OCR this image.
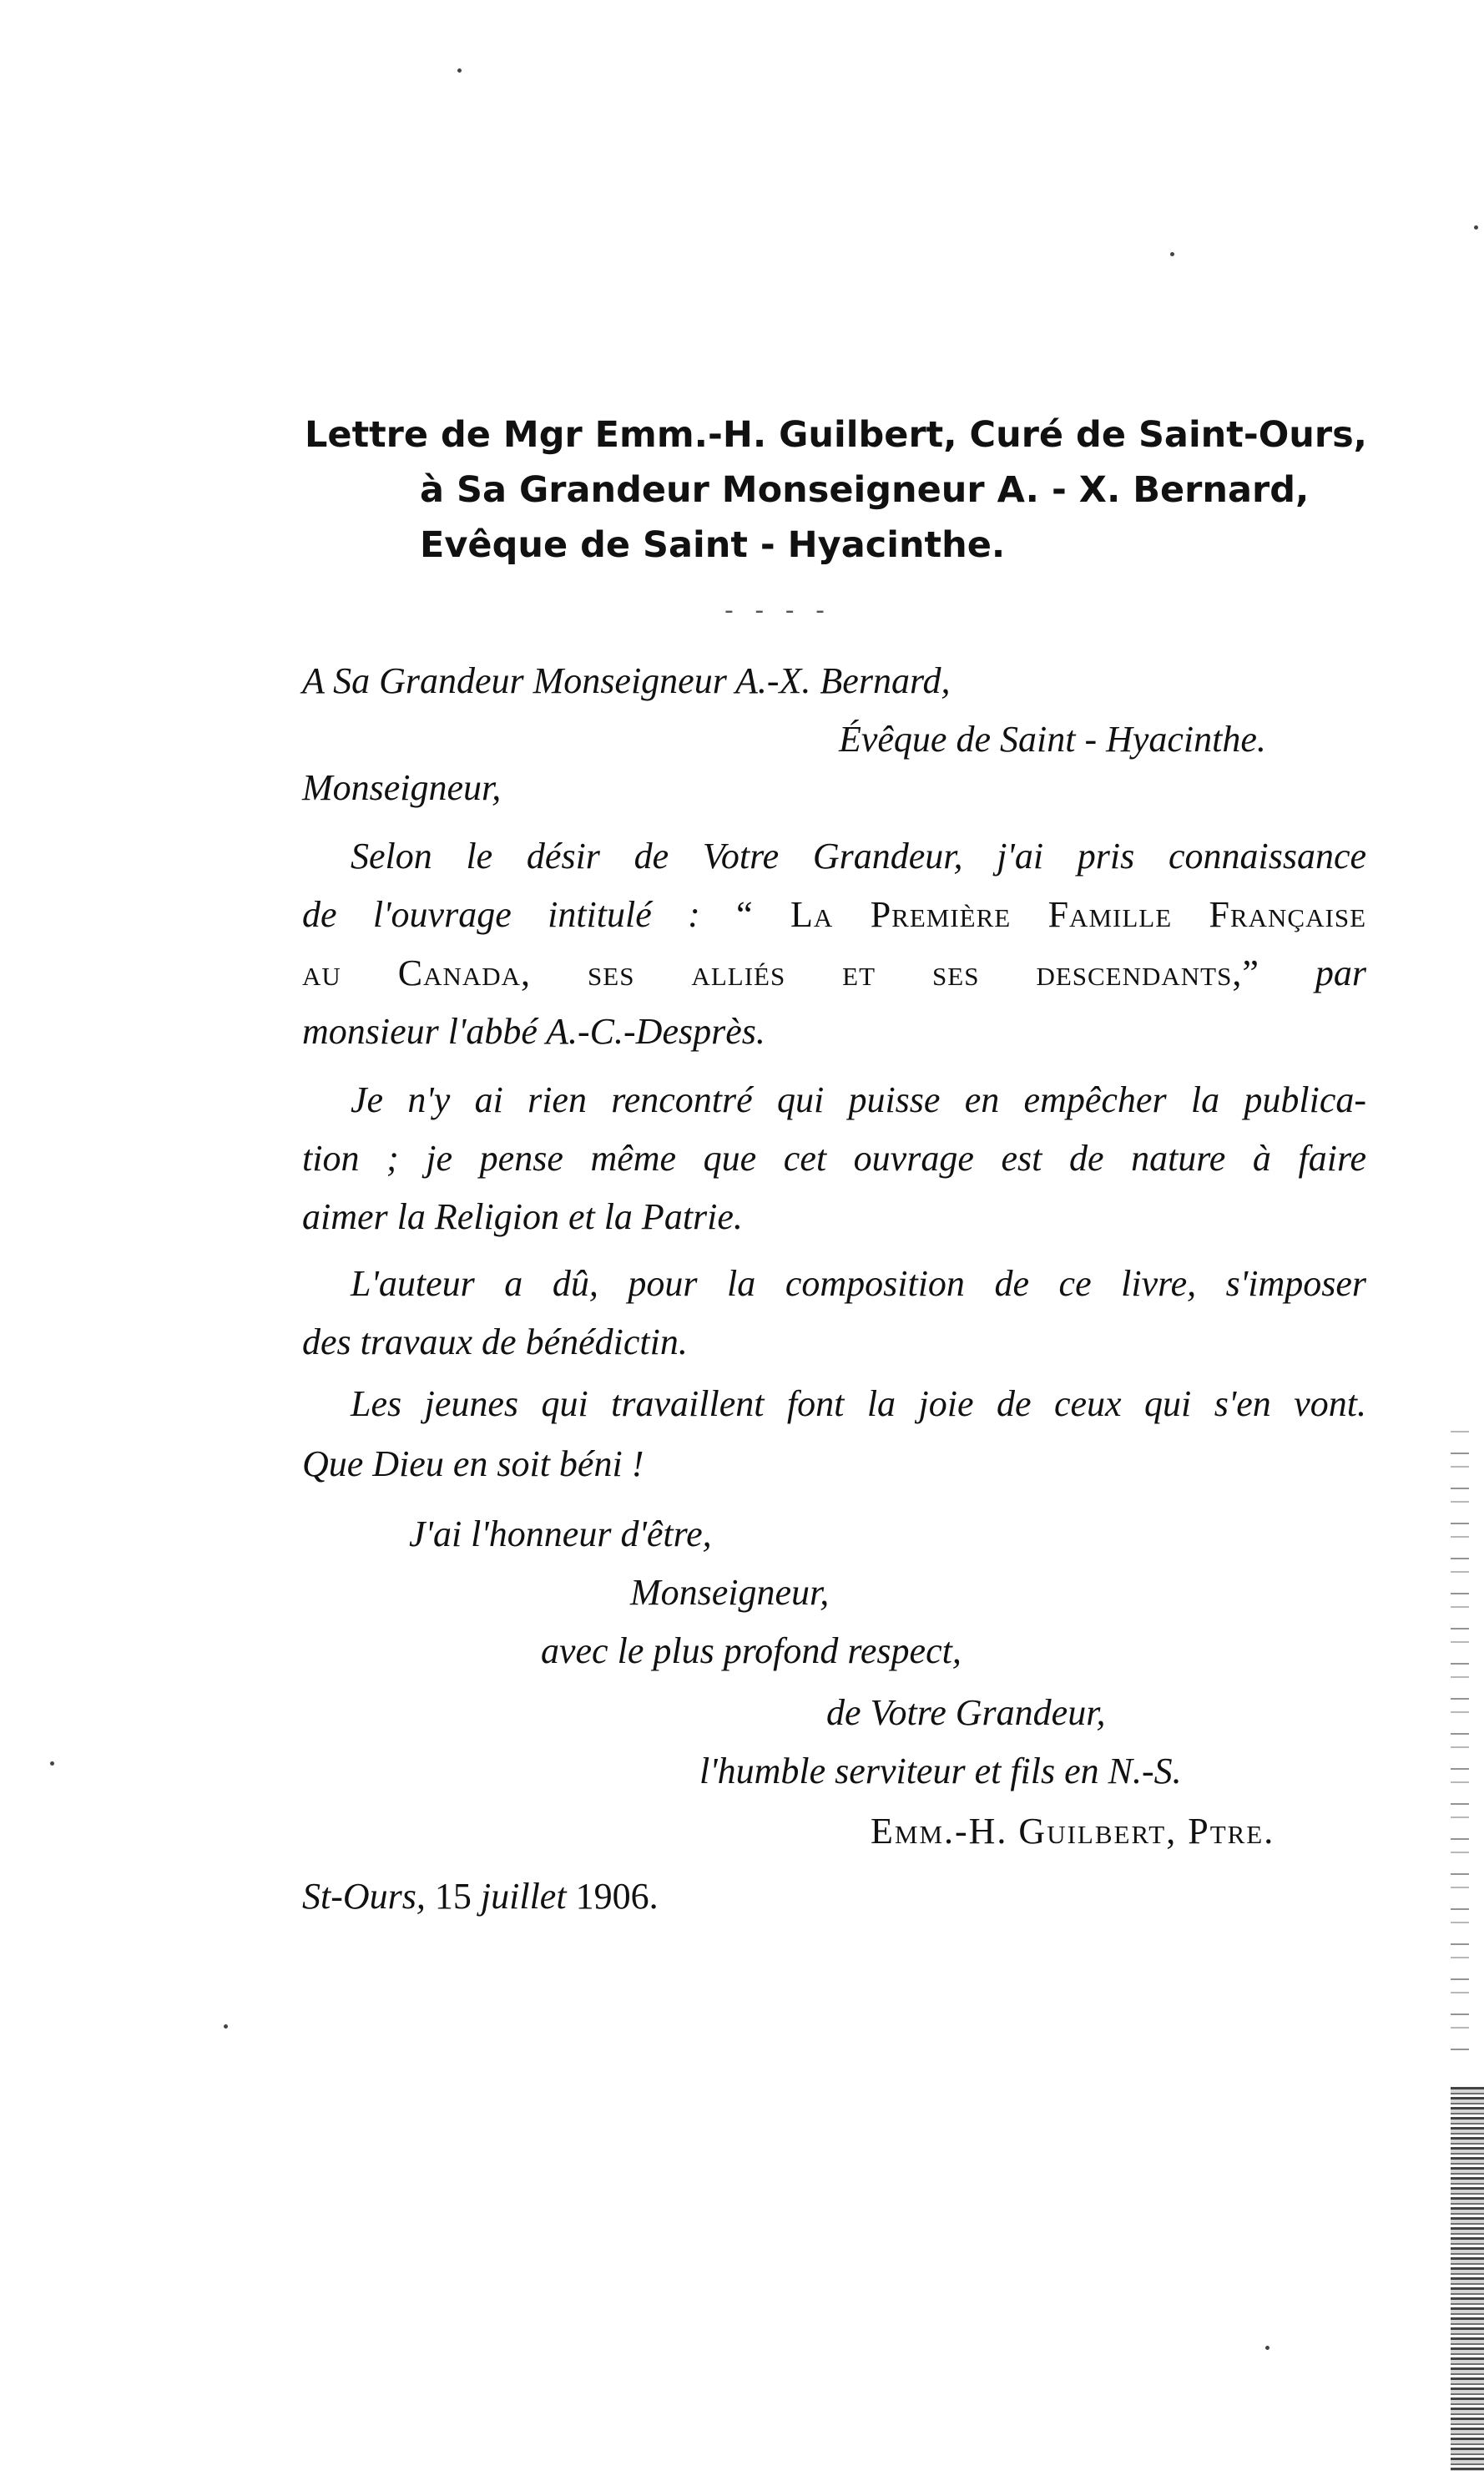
Lettre de Mgr Emm.-H. Guilbert, Curé de Saint-Ours,
à Sa Grandeur Monseigneur A. - X. Bernard,
Evêque de Saint - Hyacinthe.
- - - -
A Sa Grandeur Monseigneur A.-X. Bernard,
Évêque de Saint - Hyacinthe.
Monseigneur,
Selon le désir de Votre Grandeur, j'ai pris connaissance
de l'ouvrage intitulé : “ La Première Famille Française
au Canada, ses alliés et ses descendants,” par
monsieur l'abbé A.-C.-Desprès.
Je n'y ai rien rencontré qui puisse en empêcher la publica-
tion ; je pense même que cet ouvrage est de nature à faire
aimer la Religion et la Patrie.
L'auteur a dû, pour la composition de ce livre, s'imposer
des travaux de bénédictin.
Les jeunes qui travaillent font la joie de ceux qui s'en vont.
Que Dieu en soit béni !
J'ai l'honneur d'être,
Monseigneur,
avec le plus profond respect,
de Votre Grandeur,
l'humble serviteur et fils en N.-S.
Emm.-H. Guilbert, Ptre.
St-Ours, 15 juillet 1906.
